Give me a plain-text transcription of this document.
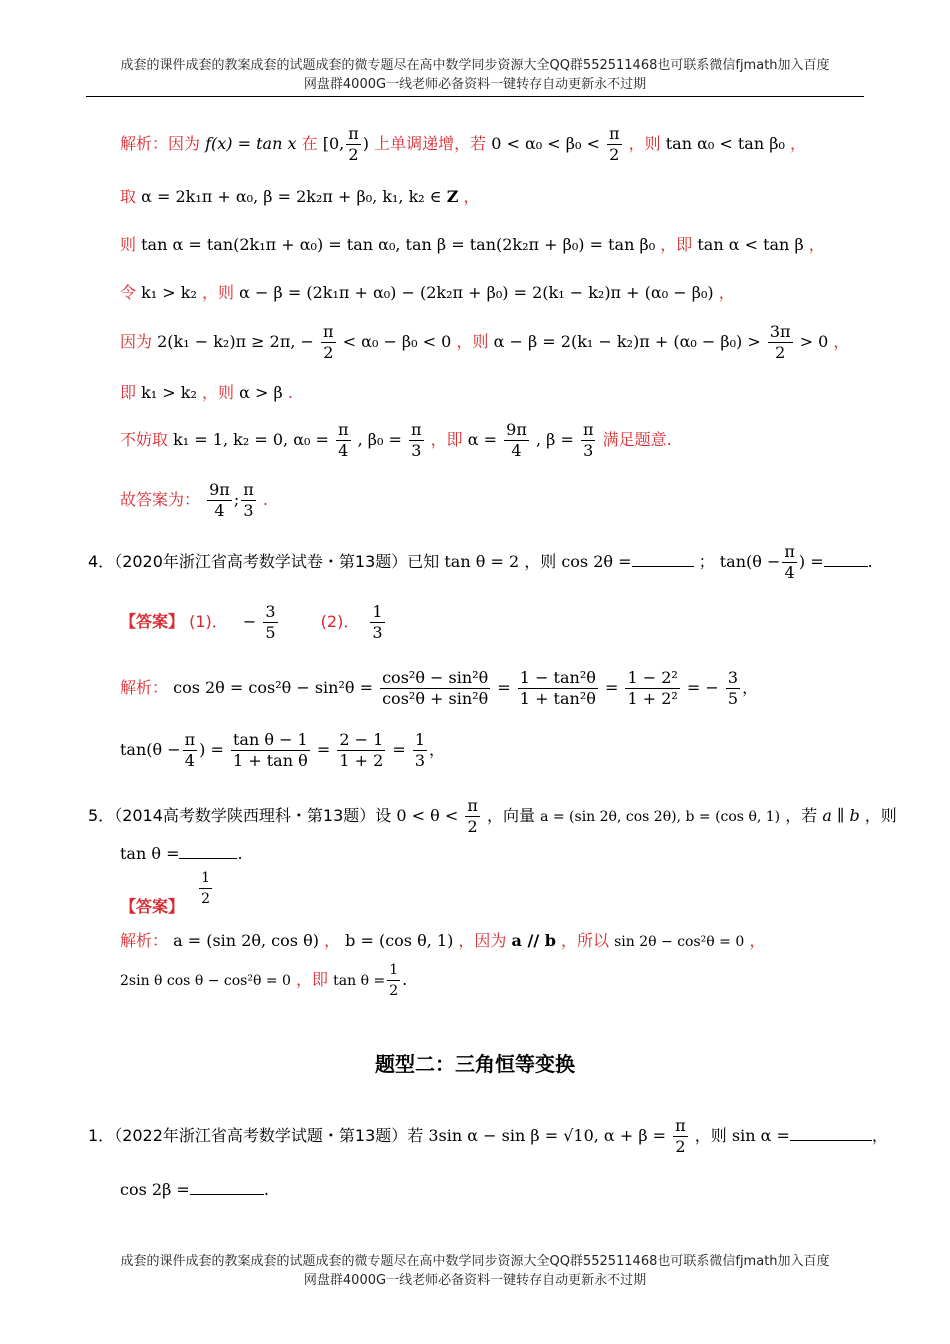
成套的课件成套的教案成套的试题成套的微专题尽在高中数学同步资源大全QQ群552511468也可联系微信fjmath加入百度
网盘群4000G一线老师必备资料一键转存自动更新永不过期
解析：因为 f(x) = tan x 在 [0, $\frac{\pi}{2}$ ) 上单调递增，若 $0 < \alpha_0 < \beta_0 < \frac{\pi}{2}$ ，则 tan α₀ < tan β₀ ，
取 α = 2k₁π + α₀, β = 2k₂π + β₀, k₁, k₂ ∈ Z ，
则 tan α = tan(2k₁π + α₀) = tan α₀, tan β = tan(2k₂π + β₀) = tan β₀ ，即 tan α < tan β ，
令 k₁ > k₂ ，则 α − β = (2k₁π + α₀) − (2k₂π + β₀) = 2(k₁ − k₂)π + (α₀ − β₀) ，
因为 2(k₁ − k₂)π ≥ 2π, − $\frac{\pi}{2} < \alpha_0 - \beta_0 < 0$ ，则 $\alpha - \beta = 2(k_1 - k_2)\pi + (\alpha_0 - \beta_0) > \frac{3\pi}{2} > 0$ ，
即 k₁ > k₂ ，则 α > β .
不妨取 k₁ = 1, k₂ = 0, $\alpha_0 = \frac{\pi}{4}$ , $\beta_0 = \frac{\pi}{3}$ ，即 $\alpha = \frac{9\pi}{4}$ , $\beta = \frac{\pi}{3}$ 满足题意.
故答案为： $\frac{9\pi}{4}$ ; $\frac{\pi}{3}$ .
4．（2020年浙江省高考数学试卷・第13题）已知 tan θ = 2 ，则 cos 2θ =	； $\tan(\theta - \frac{\pi}{4}$ ) =	.
【答案】 (1)． − $\frac{3}{5}$	(2)． $\frac{1}{3}$
解析： $\cos 2\theta = \cos^2\theta - \sin^2\theta = \frac{\text{cos²θ − sin²θ}}{\text{cos²θ + sin²θ}} = \frac{\text{1 − tan²θ}}{\text{1 + tan²θ}} = \frac{\text{1 − 2²}}{\text{1 + 2²}}$ = − $\frac{3}{5}$ ，
$\tan(\theta - \frac{\pi}{4}$ ) = $\frac{\text{tan θ − 1}}{\text{1 + tan θ}} = \frac{2 - 1}{1 + 2} = \frac{1}{3}$ ，
5．（2014高考数学陕西理科・第13题）设 $0 < \theta < \frac{\pi}{2}$ ，向量 a = (sin 2θ, cos 2θ), b = (cos θ, 1) ，若 a ∥ b ，则
tan θ =	.
【答案】 $\frac{1}{2}$
解析： a = (sin 2θ, cos θ) ， b = (cos θ, 1) ，因为 a // b ，所以 sin 2θ − cos²θ = 0 ，
2sin θ cos θ − cos²θ = 0 ，即 $\tan \theta = \frac{1}{2}$ .
题型二：三角恒等变换
1．（2022年浙江省高考数学试题・第13题）若 3sin α − sin β = √10, $\alpha + \beta = \frac{\pi}{2}$ ，则 sin α =	，
cos 2β =	.
成套的课件成套的教案成套的试题成套的微专题尽在高中数学同步资源大全QQ群552511468也可联系微信fjmath加入百度
网盘群4000G一线老师必备资料一键转存自动更新永不过期
